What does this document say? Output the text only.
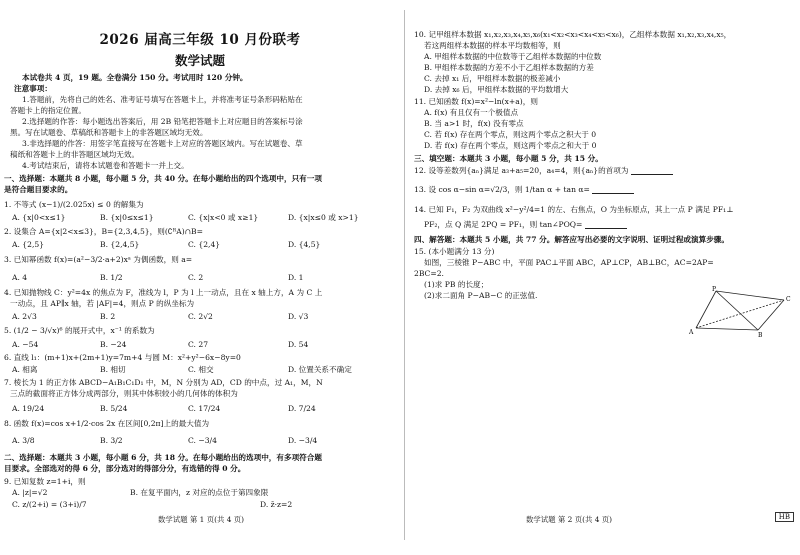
2026 届高三年级 10 月份联考
数学试题
本试卷共 4 页，19 题。全卷满分 150 分。考试用时 120 分钟。
注意事项：
1.答题前，先将自己的姓名、准考证号填写在答题卡上，并将准考证号条形码粘贴在
答题卡上的指定位置。
2.选择题的作答：每小题选出答案后，用 2B 铅笔把答题卡上对应题目的答案标号涂
黑。写在试题卷、草稿纸和答题卡上的非答题区域均无效。
3.非选择题的作答：用签字笔直接写在答题卡上对应的答题区域内。写在试题卷、草
稿纸和答题卡上的非答题区域均无效。
4.考试结束后，请将本试题卷和答题卡一并上交。
一、选择题：本题共 8 小题，每小题 5 分，共 40 分。在每小题给出的四个选项中，只有一项
是符合题目要求的。
1. 不等式 (x−1)/(2.025x) ≤ 0 的解集为
A. {x|0<x≤1}	B. {x|0≤x≤1}	C. {x|x<0 或 x≥1}	D. {x|x≤0 或 x>1}
2. 设集合 A={x|2<x≤3}，B={2,3,4,5}，则(∁ᴿA)∩B=
A. {2,5}	B. {2,4,5}	C. {2,4}	D. {4,5}
3. 已知幂函数 f(x)=(a²−3/2·a+2)xᵃ 为偶函数，则 a=
A. 4	B. 1/2	C. 2	D. 1
4. 已知抛物线 C：y²=4x 的焦点为 F，准线为 l，P 为 l 上一动点，且在 x 轴上方，A 为 C 上
一动点，且 AP∥x 轴，若 |AF|=4，则点 P 的纵坐标为
A. 2√3	B. 2	C. 2√2	D. √3
5. (1/2 − 3/√x)⁶ 的展开式中，x⁻¹ 的系数为
A. −54	B. −24	C. 27	D. 54
6. 直线 l₁：(m+1)x+(2m+1)y=7m+4 与圆 M：x²+y²−6x−8y=0
A. 相离	B. 相切	C. 相交	D. 位置关系不确定
7. 棱长为 1 的正方体 ABCD−A₁B₁C₁D₁ 中，M，N 分别为 AD，CD 的中点，过 A₁，M，N
三点的截面将正方体分成两部分，则其中体积较小的几何体的体积为
A. 19/24	B. 5/24	C. 17/24	D. 7/24
8. 函数 f(x)=cos x+1/2·cos 2x 在区间[0,2π]上的最大值为
A. 3/8	B. 3/2	C. −3/4	D. −3/4
二、选择题：本题共 3 小题，每小题 6 分，共 18 分。在每小题给出的选项中，有多项符合题
目要求。全部选对的得 6 分，部分选对的得部分分，有选错的得 0 分。
9. 已知复数 z=1+i，则
A. |z|=√2	B. 在复平面内，z 对应的点位于第四象限
C. z/(2+i) = (3+i)/7	D. z̄·z=2
数学试题 第 1 页(共 4 页)
10. 记甲组样本数据 x₁,x₂,x₃,x₄,x₅,x₆(x₁<x₂<x₃<x₄<x₅<x₆)，乙组样本数据 x₁,x₂,x₃,x₄,x₅，
若这两组样本数据的样本平均数相等，则
A. 甲组样本数据的中位数等于乙组样本数据的中位数
B. 甲组样本数据的方差不小于乙组样本数据的方差
C. 去掉 x₁ 后，甲组样本数据的极差减小
D. 去掉 x₆ 后，甲组样本数据的平均数增大
11. 已知函数 f(x)=x²−ln(x+a)，则
A. f(x) 有且仅有一个极值点
B. 当 a>1 时，f(x) 没有零点
C. 若 f(x) 存在两个零点，则这两个零点之积大于 0
D. 若 f(x) 存在两个零点，则这两个零点之和大于 0
三、填空题：本题共 3 小题，每小题 5 分，共 15 分。
12. 设等差数列{aₙ}满足 a₃+a₅=20，a₄=4，则{aₙ}的首项为
13. 设 cos α−sin α=√2/3，则 1/tan α + tan α=
14. 已知 F₁，F₂ 为双曲线 x²−y²/4=1 的左、右焦点，O 为坐标原点，其上一点 P 满足 PF₁⊥
PF₂，点 Q 满足 2PQ = PF₁，则 tan∠POQ=
四、解答题：本题共 5 小题，共 77 分。解答应写出必要的文字说明、证明过程或演算步骤。
15. (本小题满分 13 分)
如图，三棱锥 P−ABC 中，平面 PAC⊥平面 ABC，AP⊥CP，AB⊥BC，AC=2AP=
2BC=2.
(1)求 PB 的长度；
(2)求二面角 P−AB−C 的正弦值.
P
A	B
C
数学试题 第 2 页(共 4 页)	HB
